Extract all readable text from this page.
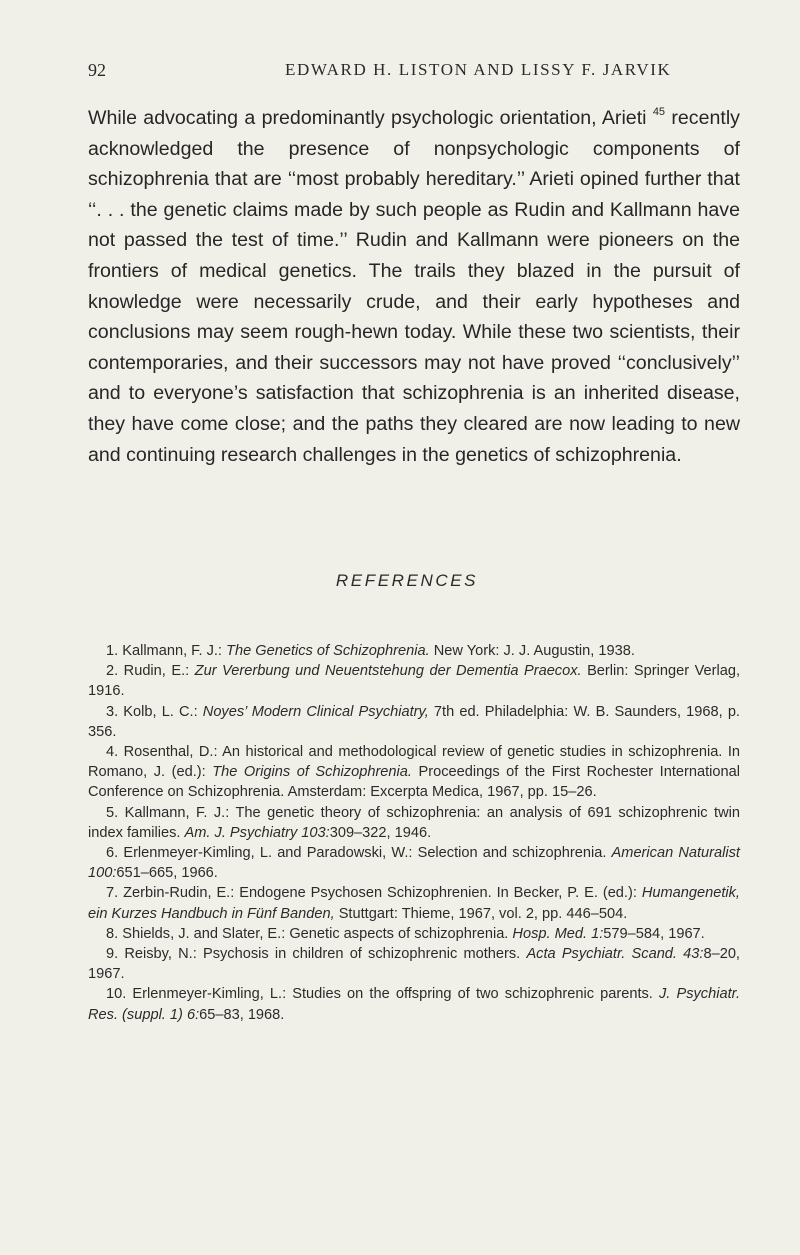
92	EDWARD H. LISTON AND LISSY F. JARVIK

While advocating a predominantly psychologic orientation, Arieti $^{45}$ recently acknowledged the presence of nonpsychologic components of schizophrenia that are ‘‘most probably hereditary.’’ Arieti opined further that ‘‘. . . the genetic claims made by such people as Rudin and Kallmann have not passed the test of time.’’ Rudin and Kallmann were pioneers on the frontiers of medical genetics. The trails they blazed in the pursuit of knowledge were necessarily crude, and their early hypotheses and conclusions may seem rough-hewn today. While these two scientists, their contemporaries, and their successors may not have proved ‘‘conclusively’’ and to everyone’s satisfaction that schizophrenia is an inherited disease, they have come close; and the paths they cleared are now leading to new and continuing research challenges in the genetics of schizophrenia.

REFERENCES

1. Kallmann, F. J.: The Genetics of Schizophrenia. New York: J. J. Augustin, 1938.

2. Rudin, E.: Zur Vererbung und Neuentstehung der Dementia Praecox. Berlin: Springer Verlag, 1916.

3. Kolb, L. C.: Noyes’ Modern Clinical Psychiatry, 7th ed. Philadelphia: W. B. Saunders, 1968, p. 356.

4. Rosenthal, D.: An historical and methodological review of genetic studies in schizophrenia. In Romano, J. (ed.): The Origins of Schizophrenia. Proceedings of the First Rochester International Conference on Schizophrenia. Amsterdam: Excerpta Medica, 1967, pp. 15–26.

5. Kallmann, F. J.: The genetic theory of schizophrenia: an analysis of 691 schizophrenic twin index families. Am. J. Psychiatry 103:309–322, 1946.

6. Erlenmeyer-Kimling, L. and Paradowski, W.: Selection and schizophrenia. American Naturalist 100:651–665, 1966.

7. Zerbin-Rudin, E.: Endogene Psychosen Schizophrenien. In Becker, P. E. (ed.): Humangenetik, ein Kurzes Handbuch in Fünf Banden, Stuttgart: Thieme, 1967, vol. 2, pp. 446–504.

8. Shields, J. and Slater, E.: Genetic aspects of schizophrenia. Hosp. Med. 1:579–584, 1967.

9. Reisby, N.: Psychosis in children of schizophrenic mothers. Acta Psychiatr. Scand. 43:8–20, 1967.

10. Erlenmeyer-Kimling, L.: Studies on the offspring of two schizophrenic parents. J. Psychiatr. Res. (suppl. 1) 6:65–83, 1968.
